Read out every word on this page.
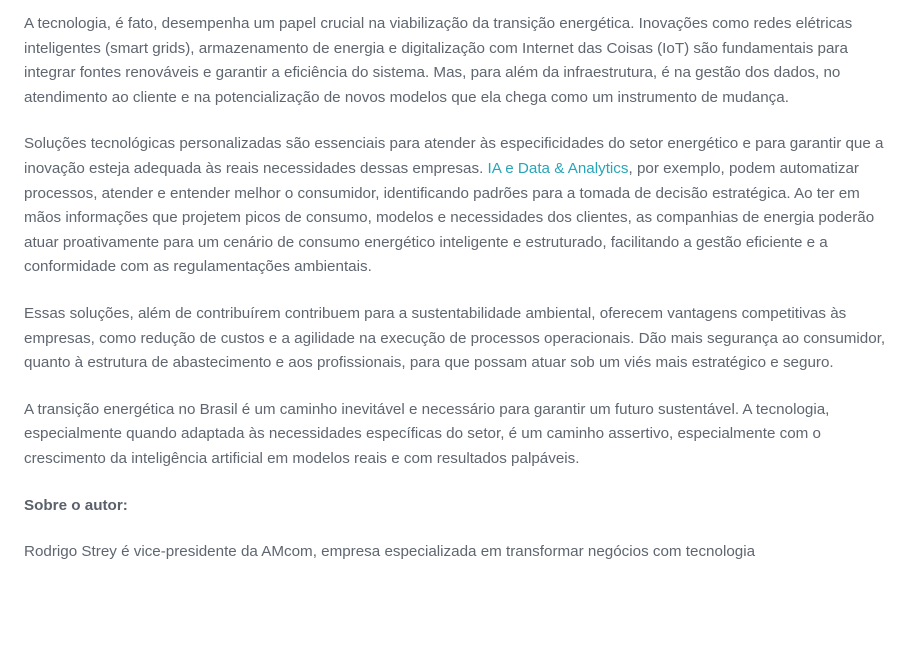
A tecnologia, é fato, desempenha um papel crucial na viabilização da transição energética. Inovações como redes elétricas inteligentes (smart grids), armazenamento de energia e digitalização com Internet das Coisas (IoT) são fundamentais para integrar fontes renováveis e garantir a eficiência do sistema. Mas, para além da infraestrutura, é na gestão dos dados, no atendimento ao cliente e na potencialização de novos modelos que ela chega como um instrumento de mudança.

Soluções tecnológicas personalizadas são essenciais para atender às especificidades do setor energético e para garantir que a inovação esteja adequada às reais necessidades dessas empresas. IA e Data & Analytics, por exemplo, podem automatizar processos, atender e entender melhor o consumidor, identificando padrões para a tomada de decisão estratégica. Ao ter em mãos informações que projetem picos de consumo, modelos e necessidades dos clientes, as companhias de energia poderão atuar proativamente para um cenário de consumo energético inteligente e estruturado, facilitando a gestão eficiente e a conformidade com as regulamentações ambientais.

Essas soluções, além de contribuírem contribuem para a sustentabilidade ambiental, oferecem vantagens competitivas às empresas, como redução de custos e a agilidade na execução de processos operacionais. Dão mais segurança ao consumidor, quanto à estrutura de abastecimento e aos profissionais, para que possam atuar sob um viés mais estratégico e seguro.

A transição energética no Brasil é um caminho inevitável e necessário para garantir um futuro sustentável. A tecnologia, especialmente quando adaptada às necessidades específicas do setor, é um caminho assertivo, especialmente com o crescimento da inteligência artificial em modelos reais e com resultados palpáveis.

Sobre o autor:

Rodrigo Strey é vice-presidente da AMcom, empresa especializada em transformar negócios com tecnologia
